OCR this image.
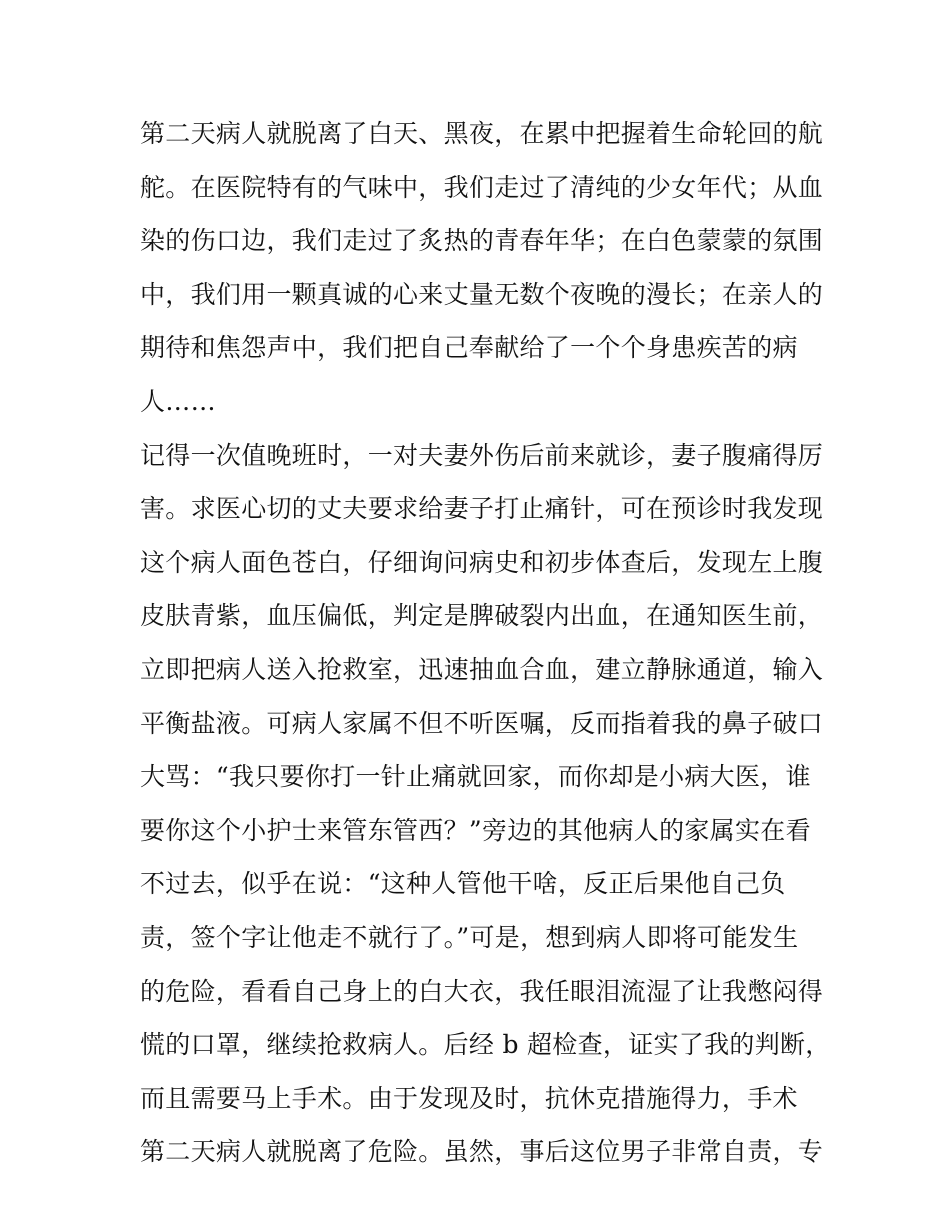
第二天病人就脱离了白天、黑夜，在累中把握着生命轮回的航
舵。在医院特有的气味中，我们走过了清纯的少女年代；从血
染的伤口边，我们走过了炙热的青春年华；在白色蒙蒙的氛围
中，我们用一颗真诚的心来丈量无数个夜晚的漫长；在亲人的
期待和焦怨声中，我们把自己奉献给了一个个身患疾苦的病
人……
记得一次值晚班时，一对夫妻外伤后前来就诊，妻子腹痛得厉
害。求医心切的丈夫要求给妻子打止痛针，可在预诊时我发现
这个病人面色苍白，仔细询问病史和初步体查后，发现左上腹
皮肤青紫，血压偏低，判定是脾破裂内出血，在通知医生前，
立即把病人送入抢救室，迅速抽血合血，建立静脉通道，输入
平衡盐液。可病人家属不但不听医嘱，反而指着我的鼻子破口
大骂：“我只要你打一针止痛就回家，而你却是小病大医，谁
要你这个小护士来管东管西？”旁边的其他病人的家属实在看
不过去，似乎在说：“这种人管他干啥，反正后果他自己负
责，签个字让他走不就行了。”可是，想到病人即将可能发生
的危险，看看自己身上的白大衣，我任眼泪流湿了让我憋闷得
慌的口罩，继续抢救病人。后经 b 超检查，证实了我的判断，
而且需要马上手术。由于发现及时，抗休克措施得力，手术
第二天病人就脱离了危险。虽然，事后这位男子非常自责，专
